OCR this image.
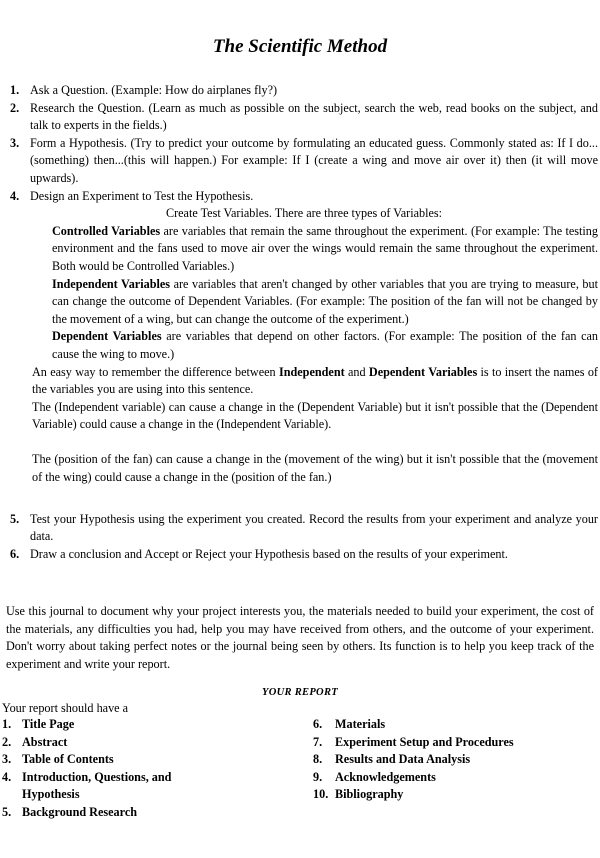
The Scientific Method
1. Ask a Question. (Example: How do airplanes fly?)
2. Research the Question. (Learn as much as possible on the subject, search the web, read books on the subject, and talk to experts in the fields.)
3. Form a Hypothesis. (Try to predict your outcome by formulating an educated guess. Commonly stated as: If I do... (something) then...(this will happen.) For example: If I (create a wing and move air over it) then (it will move upwards).
4. Design an Experiment to Test the Hypothesis.
Create Test Variables. There are three types of Variables:
Controlled Variables are variables that remain the same throughout the experiment. (For example: The testing environment and the fans used to move air over the wings would remain the same throughout the experiment. Both would be Controlled Variables.)
Independent Variables are variables that aren't changed by other variables that you are trying to measure, but can change the outcome of Dependent Variables. (For example: The position of the fan will not be changed by the movement of a wing, but can change the outcome of the experiment.)
Dependent Variables are variables that depend on other factors. (For example: The position of the fan can cause the wing to move.)
An easy way to remember the difference between Independent and Dependent Variables is to insert the names of the variables you are using into this sentence.
The (Independent variable) can cause a change in the (Dependent Variable) but it isn't possible that the (Dependent Variable) could cause a change in the (Independent Variable).
The (position of the fan) can cause a change in the (movement of the wing) but it isn't possible that the (movement of the wing) could cause a change in the (position of the fan.)
5. Test your Hypothesis using the experiment you created. Record the results from your experiment and analyze your data.
6. Draw a conclusion and Accept or Reject your Hypothesis based on the results of your experiment.
Use this journal to document why your project interests you, the materials needed to build your experiment, the cost of the materials, any difficulties you had, help you may have received from others, and the outcome of your experiment. Don't worry about taking perfect notes or the journal being seen by others. Its function is to help you keep track of the experiment and write your report.
YOUR REPORT
Your report should have a
1. Title Page
2. Abstract
3. Table of Contents
4. Introduction, Questions, and Hypothesis
5. Background Research
6.	Materials
7.	Experiment Setup and Procedures
8.	Results and Data Analysis
9.	Acknowledgements
10. Bibliography
